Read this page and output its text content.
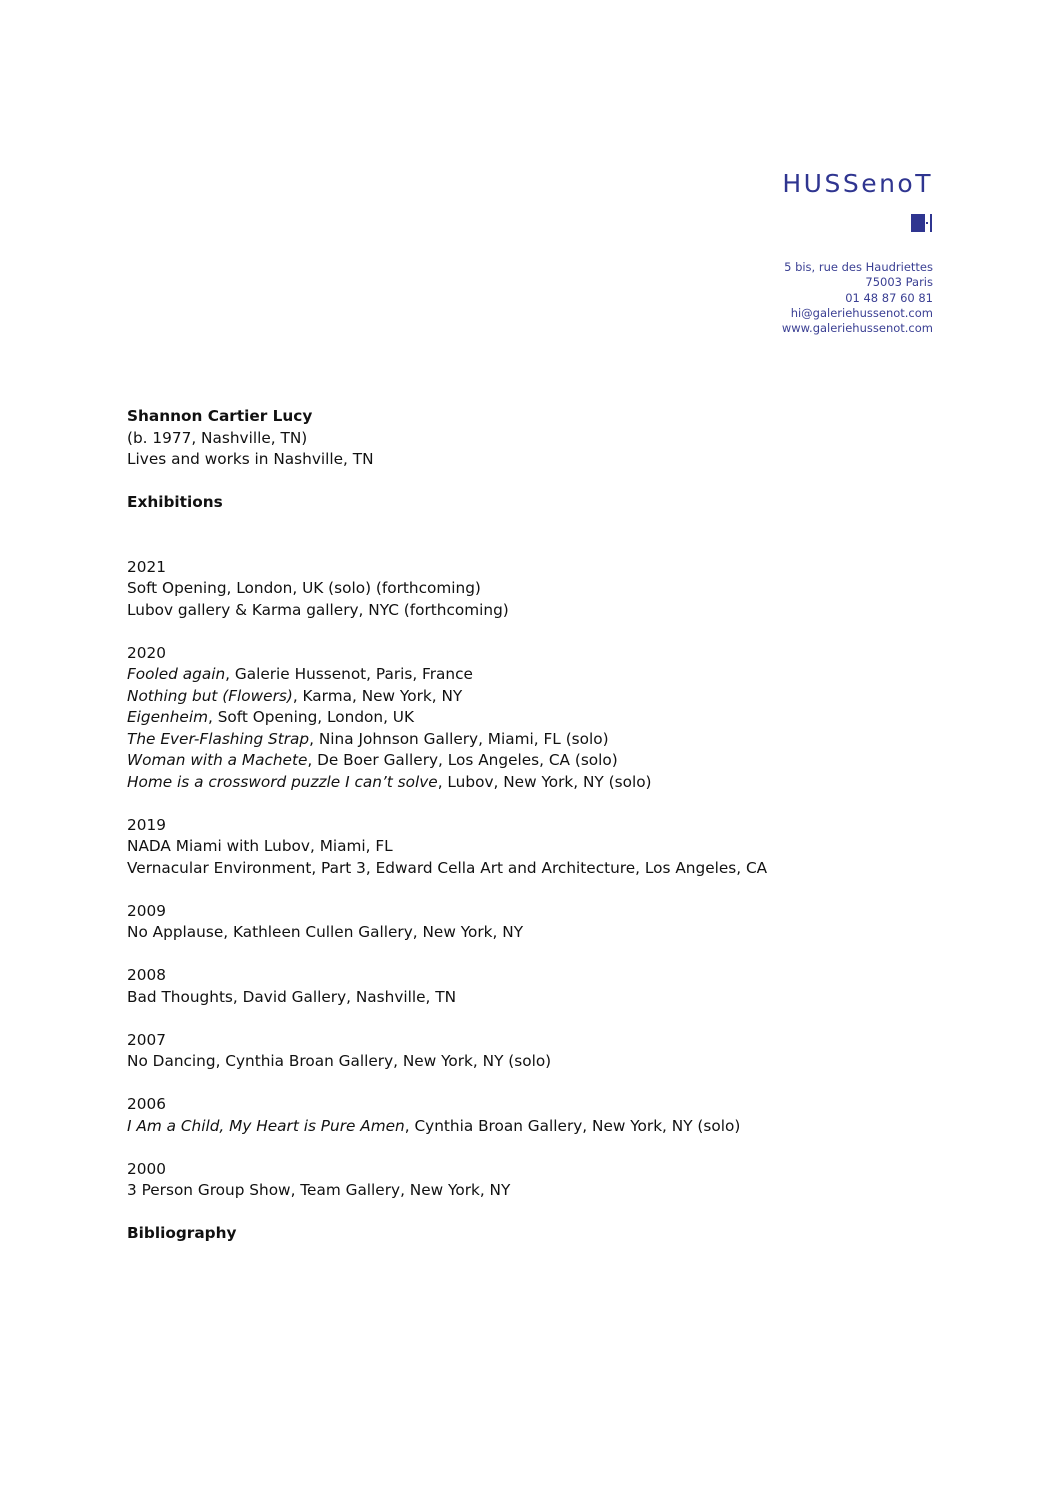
HUSSenoT
5 bis, rue des Haudriettes
75003 Paris
01 48 87 60 81
hi@galeriehussenot.com
www.galeriehussenot.com
Shannon Cartier Lucy
(b. 1977, Nashville, TN)
Lives and works in Nashville, TN
Exhibitions
2021
Soft Opening, London, UK (solo) (forthcoming)
Lubov gallery & Karma gallery, NYC (forthcoming)
2020
Fooled again, Galerie Hussenot, Paris, France
Nothing but (Flowers), Karma, New York, NY
Eigenheim, Soft Opening, London, UK
The Ever-Flashing Strap, Nina Johnson Gallery, Miami, FL (solo)
Woman with a Machete, De Boer Gallery, Los Angeles, CA (solo)
Home is a crossword puzzle I can’t solve, Lubov, New York, NY (solo)
2019
NADA Miami with Lubov, Miami, FL
Vernacular Environment, Part 3, Edward Cella Art and Architecture, Los Angeles, CA
2009
No Applause, Kathleen Cullen Gallery, New York, NY
2008
Bad Thoughts, David Gallery, Nashville, TN
2007
No Dancing, Cynthia Broan Gallery, New York, NY (solo)
2006
I Am a Child, My Heart is Pure Amen, Cynthia Broan Gallery, New York, NY (solo)
2000
3 Person Group Show, Team Gallery, New York, NY
Bibliography
